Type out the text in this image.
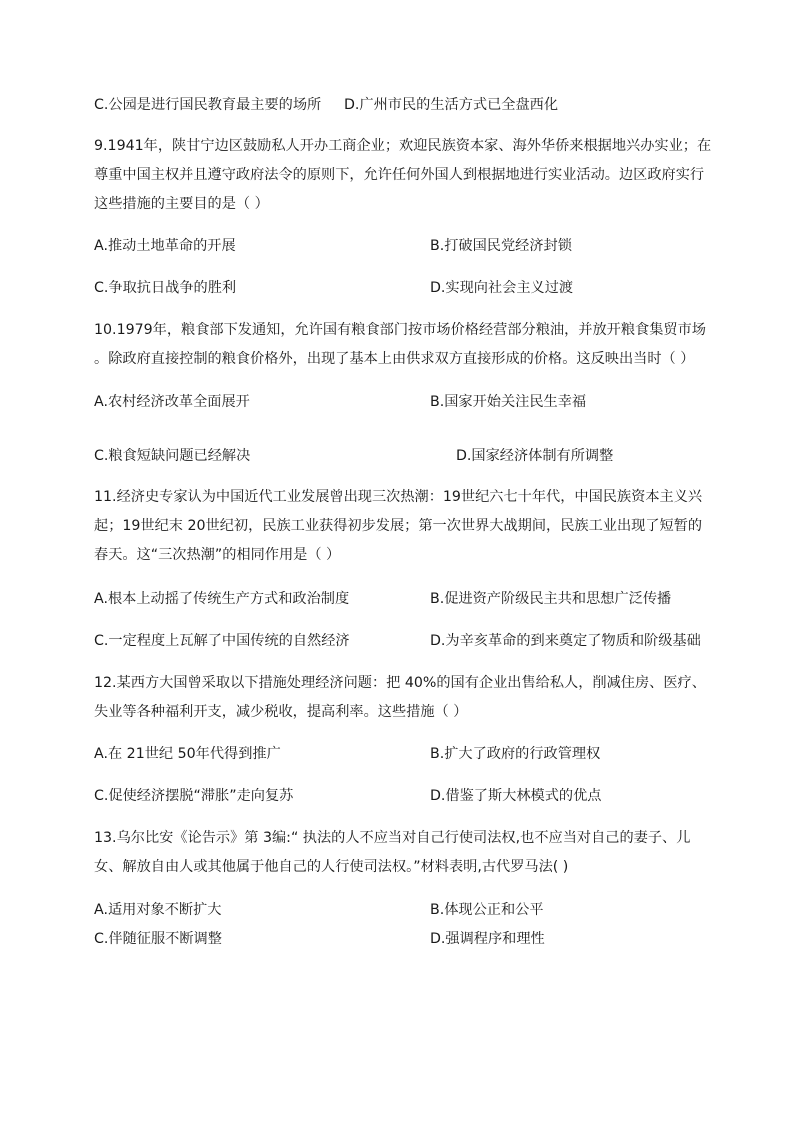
C.公园是进行国民教育最主要的场所 D.广州市民的生活方式已全盘西化
9.1941年，陕甘宁边区鼓励私人开办工商企业；欢迎民族资本家、海外华侨来根据地兴办实业；在
尊重中国主权并且遵守政府法令的原则下，允许任何外国人到根据地进行实业活动。边区政府实行
这些措施的主要目的是（ ）
A.推动土地革命的开展	B.打破国民党经济封锁
C.争取抗日战争的胜利	D.实现向社会主义过渡
10.1979年，粮食部下发通知，允许国有粮食部门按市场价格经营部分粮油，并放开粮食集贸市场
。除政府直接控制的粮食价格外，出现了基本上由供求双方直接形成的价格。这反映出当时（ ）
A.农村经济改革全面展开	B.国家开始关注民生幸福
C.粮食短缺问题已经解决	D.国家经济体制有所调整
11.经济史专家认为中国近代工业发展曾出现三次热潮：19世纪六七十年代，中国民族资本主义兴
起；19世纪末 20世纪初，民族工业获得初步发展；第一次世界大战期间，民族工业出现了短暂的
春天。这“三次热潮”的相同作用是（ ）
A.根本上动摇了传统生产方式和政治制度	B.促进资产阶级民主共和思想广泛传播
C.一定程度上瓦解了中国传统的自然经济	D.为辛亥革命的到来奠定了物质和阶级基础
12.某西方大国曾采取以下措施处理经济问题：把 40%的国有企业出售给私人，削减住房、医疗、
失业等各种福利开支，减少税收，提高利率。这些措施（ ）
A.在 21世纪 50年代得到推广	B.扩大了政府的行政管理权
C.促使经济摆脱“滞胀”走向复苏	D.借鉴了斯大林模式的优点
13.乌尔比安《论告示》第 3编:“ 执法的人不应当对自己行使司法权,也不应当对自己的妻子、儿
女、解放自由人或其他属于他自己的人行使司法权。”材料表明,古代罗马法( )
A.适用对象不断扩大	B.体现公正和公平
C.伴随征服不断调整	D.强调程序和理性
